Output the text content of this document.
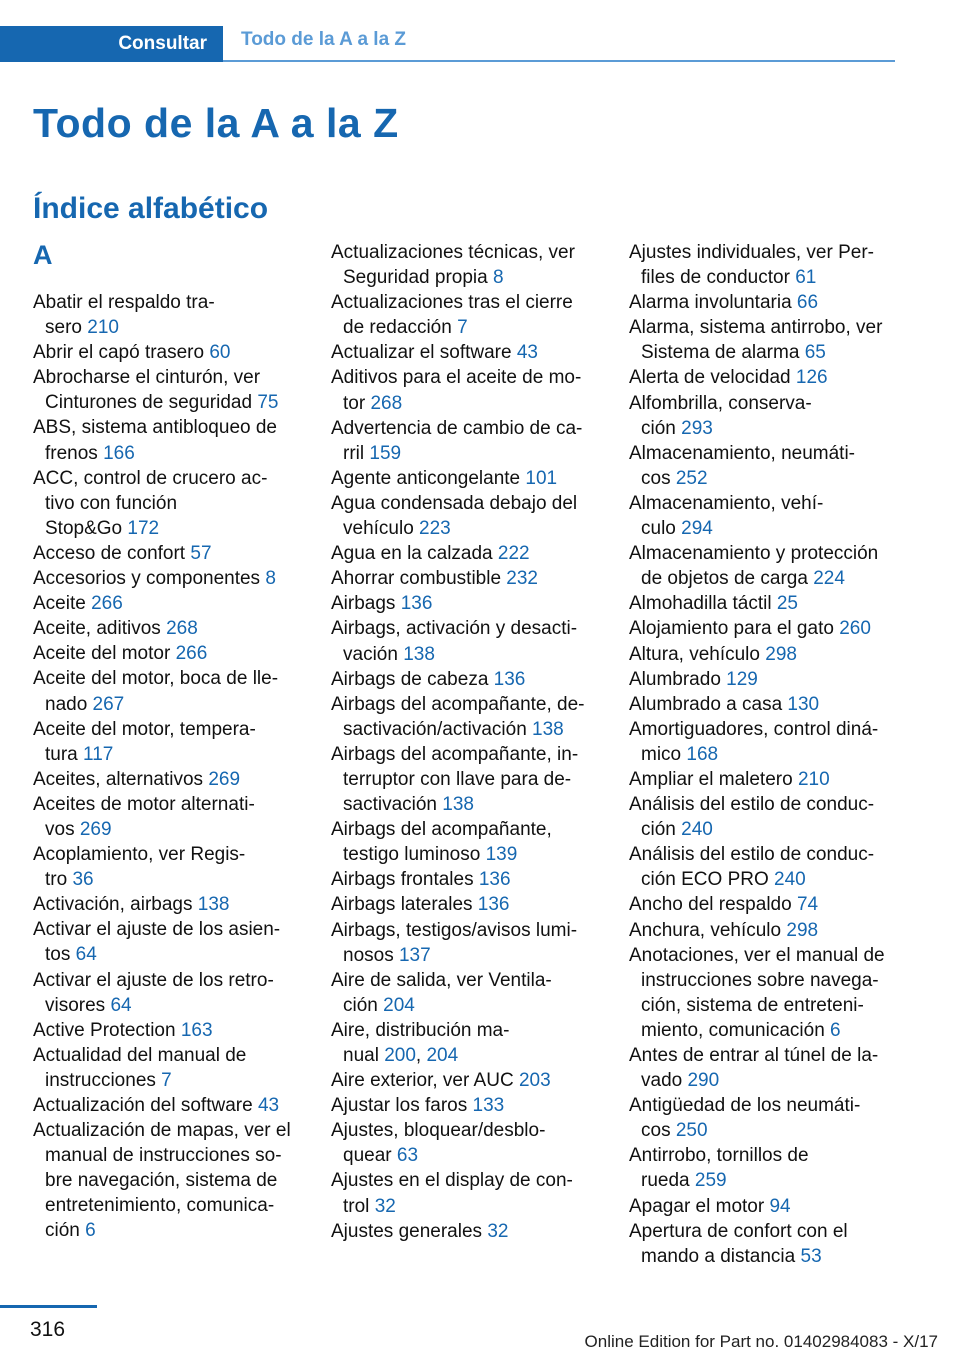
Consultar Todo de la A a la Z
Todo de la A a la Z
Índice alfabético
A
Abatir el respaldo tra-
sero 210
Abrir el capó trasero 60
Abrocharse el cinturón, ver
Cinturones de seguridad 75
ABS, sistema antibloqueo de
frenos 166
ACC, control de crucero ac-
tivo con función
Stop&Go 172
Acceso de confort 57
Accesorios y componentes 8
Aceite 266
Aceite, aditivos 268
Aceite del motor 266
Aceite del motor, boca de lle-
nado 267
Aceite del motor, tempera-
tura 117
Aceites, alternativos 269
Aceites de motor alternati-
vos 269
Acoplamiento, ver Regis-
tro 36
Activación, airbags 138
Activar el ajuste de los asien-
tos 64
Activar el ajuste de los retro-
visores 64
Active Protection 163
Actualidad del manual de
instrucciones 7
Actualización del software 43
Actualización de mapas, ver el
manual de instrucciones so-
bre navegación, sistema de
entretenimiento, comunica-
ción 6
Actualizaciones técnicas, ver
Seguridad propia 8
Actualizaciones tras el cierre
de redacción 7
Actualizar el software 43
Aditivos para el aceite de mo-
tor 268
Advertencia de cambio de ca-
rril 159
Agente anticongelante 101
Agua condensada debajo del
vehículo 223
Agua en la calzada 222
Ahorrar combustible 232
Airbags 136
Airbags, activación y desacti-
vación 138
Airbags de cabeza 136
Airbags del acompañante, de-
sactivación/activación 138
Airbags del acompañante, in-
terruptor con llave para de-
sactivación 138
Airbags del acompañante,
testigo luminoso 139
Airbags frontales 136
Airbags laterales 136
Airbags, testigos/avisos lumi-
nosos 137
Aire de salida, ver Ventila-
ción 204
Aire, distribución ma-
nual 200, 204
Aire exterior, ver AUC 203
Ajustar los faros 133
Ajustes, bloquear/desblo-
quear 63
Ajustes en el display de con-
trol 32
Ajustes generales 32
Ajustes individuales, ver Per-
files de conductor 61
Alarma involuntaria 66
Alarma, sistema antirrobo, ver
Sistema de alarma 65
Alerta de velocidad 126
Alfombrilla, conserva-
ción 293
Almacenamiento, neumáti-
cos 252
Almacenamiento, vehí-
culo 294
Almacenamiento y protección
de objetos de carga 224
Almohadilla táctil 25
Alojamiento para el gato 260
Altura, vehículo 298
Alumbrado 129
Alumbrado a casa 130
Amortiguadores, control diná-
mico 168
Ampliar el maletero 210
Análisis del estilo de conduc-
ción 240
Análisis del estilo de conduc-
ción ECO PRO 240
Ancho del respaldo 74
Anchura, vehículo 298
Anotaciones, ver el manual de
instrucciones sobre navega-
ción, sistema de entreteni-
miento, comunicación 6
Antes de entrar al túnel de la-
vado 290
Antigüedad de los neumáti-
cos 250
Antirrobo, tornillos de
rueda 259
Apagar el motor 94
Apertura de confort con el
mando a distancia 53
316
Online Edition for Part no. 01402984083 - X/17
